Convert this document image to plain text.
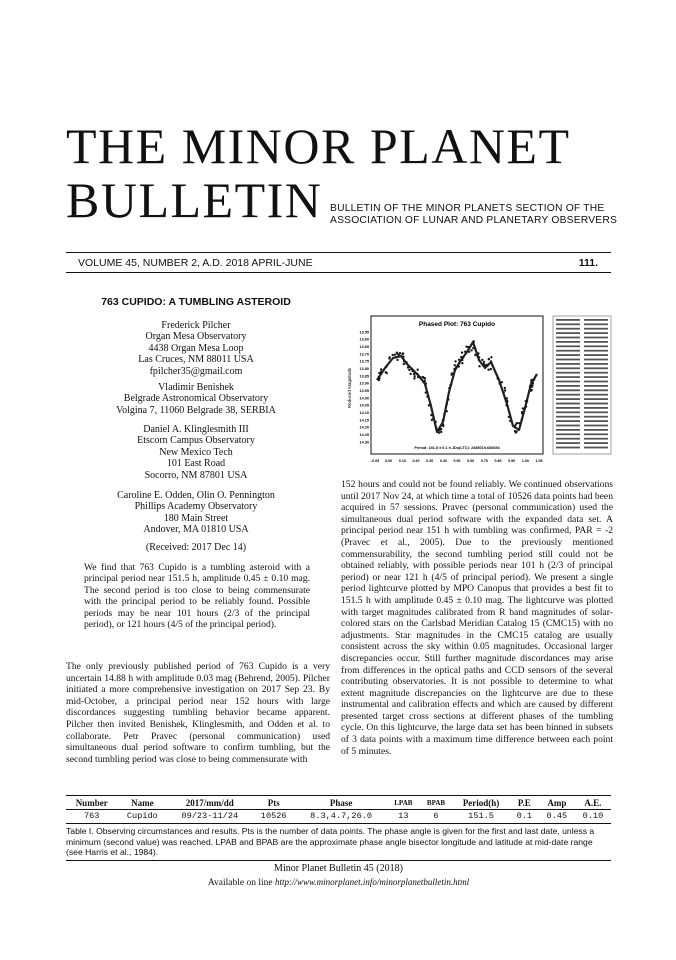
THE MINOR PLANET
BULLETIN BULLETIN OF THE MINOR PLANETS SECTION OF THE ASSOCIATION OF LUNAR AND PLANETARY OBSERVERS
VOLUME 45, NUMBER 2, A.D. 2018 APRIL-JUNE	111.
763 CUPIDO: A TUMBLING ASTEROID
Frederick Pilcher
Organ Mesa Observatory
4438 Organ Mesa Loop
Las Cruces, NM 88011 USA
fpilcher35@gmail.com
Vladimir Benishek
Belgrade Astronomical Observatory
Volgina 7, 11060 Belgrade 38, SERBIA
Daniel A. Klinglesmith III
Etscorn Campus Observatory
New Mexico Tech
101 East Road
Socorro, NM 87801 USA
Caroline E. Odden, Olin O. Pennington
Phillips Academy Observatory
180 Main Street
Andover, MA 01810 USA
(Received: 2017 Dec 14)
We find that 763 Cupido is a tumbling asteroid with a principal period near 151.5 h, amplitude 0.45 ± 0.10 mag. The second period is too close to being commensurate with the principal period to be reliably found. Possible periods may be near 101 hours (2/3 of the principal period), or 121 hours (4/5 of the principal period).
The only previously published period of 763 Cupido is a very uncertain 14.88 h with amplitude 0.03 mag (Behrend, 2005). Pilcher initiated a more comprehensive investigation on 2017 Sep 23. By mid-October, a principal period near 152 hours with large discordances suggesting tumbling behavior became apparent. Pilcher then invited Benishek, Klinglesmith, and Odden et al. to collaborate. Petr Pravec (personal communication) used simultaneous dual period software to confirm tumbling, but the second tumbling period was close to being commensurate with
Phased Plot: 763 Cupido
Reduced Magnitude
13.55
13.60
13.65
13.70
13.75
13.80
13.85
13.90
13.95
14.00
14.05
14.10
14.15
14.20
14.25
14.30
-0.05 0.00 0.10 0.20 0.30 0.40 0.50 0.60 0.70 0.80 0.90 1.00 1.05
Period: 151.5 ± 0.1 h JDo(LTC): 2458019.666654
152 hours and could not be found reliably. We continued observations until 2017 Nov 24, at which time a total of 10526 data points had been acquired in 57 sessions. Pravec (personal communication) used the simultaneous dual period software with the expanded data set. A principal period near 151 h with tumbling was confirmed, PAR = -2 (Pravec et al., 2005). Due to the previously mentioned commensurability, the second tumbling period still could not be obtained reliably, with possible periods near 101 h (2/3 of principal period) or near 121 h (4/5 of principal period). We present a single period lightcurve plotted by MPO Canopus that provides a best fit to 151.5 h with amplitude 0.45 ± 0.10 mag. The lightcurve was plotted with target magnitudes calibrated from R band magnitudes of solar-colored stars on the Carlsbad Meridian Catalog 15 (CMC15) with no adjustments. Star magnitudes in the CMC15 catalog are usually consistent across the sky within 0.05 magnitudes. Occasional larger discrepancies occur. Still further magnitude discordances may arise from differences in the optical paths and CCD sensors of the several contributing observatories. It is not possible to determine to what extent magnitude discrepancies on the lightcurve are due to these instrumental and calibration effects and which are caused by different presented target cross sections at different phases of the tumbling cycle. On this lightcurve, the large data set has been binned in subsets of 3 data points with a maximum time difference between each point of 5 minutes.
Number	Name	2017/mm/dd	Pts	Phase	LPAB	BPAB	Period(h)	P.E	Amp	A.E.
763	Cupido	09/23-11/24	10526	8.3,4.7,26.0	13	6	151.5	0.1	0.45	0.10
Table I. Observing circumstances and results. Pts is the number of data points. The phase angle is given for the first and last date, unless a minimum (second value) was reached. LPAB and BPAB are the approximate phase angle bisector longitude and latitude at mid-date range (see Harris et al., 1984).
Minor Planet Bulletin 45 (2018)
Available on line http://www.minorplanet.info/minorplanetbulletin.html
